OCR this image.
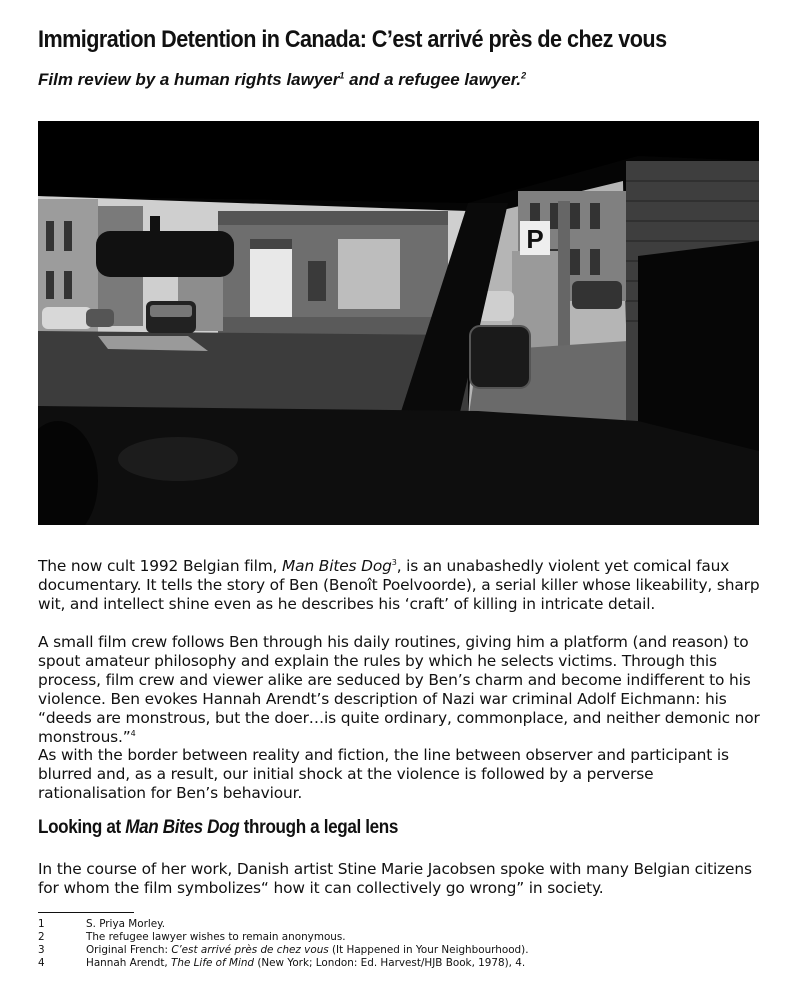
Immigration Detention in Canada: C’est arrivé près de chez vous

Film review by a human rights lawyer$^1$ and a refugee lawyer.$^2$

P

The now cult 1992 Belgian film, Man Bites Dog$^3$, is an unabashedly violent yet comical faux documentary. It tells the story of Ben (Benoît Poelvoorde), a serial killer whose likeability, sharp wit, and intellect shine even as he describes his ‘craft’ of killing in intricate detail.

A small film crew follows Ben through his daily routines, giving him a platform (and reason) to spout amateur philosophy and explain the rules by which he selects victims. Through this process, film crew and viewer alike are seduced by Ben’s charm and become indifferent to his violence. Ben evokes Hannah Arendt’s description of Nazi war criminal Adolf Eichmann: his “deeds are monstrous, but the doer…is quite ordinary, commonplace, and neither demonic nor monstrous.”$^4$

As with the border between reality and fiction, the line between observer and participant is blurred and, as a result, our initial shock at the violence is followed by a perverse rationalisation for Ben’s behaviour.

Looking at Man Bites Dog through a legal lens

In the course of her work, Danish artist Stine Marie Jacobsen spoke with many Belgian citizens for whom the film symbolizes“ how it can collectively go wrong” in society.

1	S. Priya Morley.
2	The refugee lawyer wishes to remain anonymous.
3	Original French: C’est arrivé près de chez vous (It Happened in Your Neighbourhood).
4	Hannah Arendt, The Life of Mind (New York; London: Ed. Harvest/HJB Book, 1978), 4.
